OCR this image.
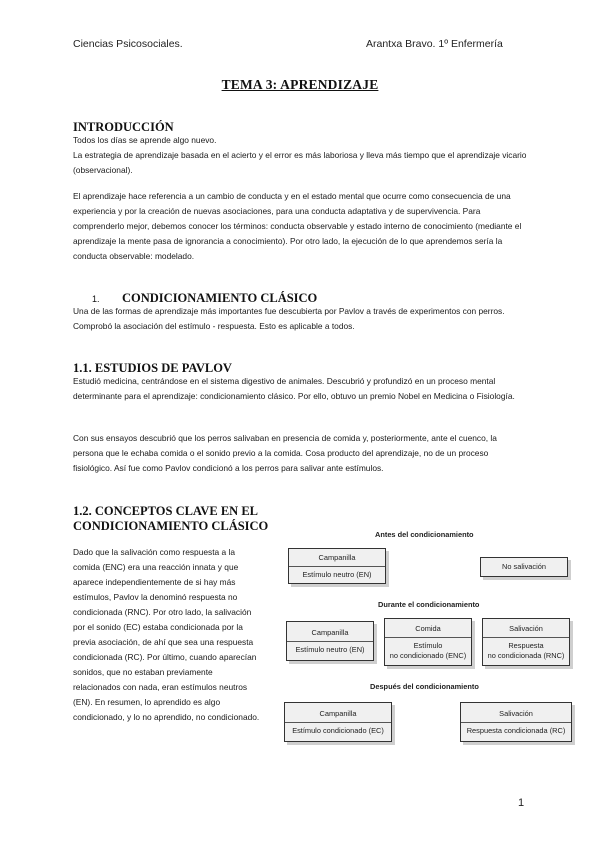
Ciencias Psicosociales.	Arantxa Bravo. 1º Enfermería
TEMA 3: APRENDIZAJE
INTRODUCCIÓN
Todos los días se aprende algo nuevo.
La estrategia de aprendizaje basada en el acierto y el error es más laboriosa y lleva más tiempo que el aprendizaje vicario (observacional).
El aprendizaje hace referencia a un cambio de conducta y en el estado mental que ocurre como consecuencia de una experiencia y por la creación de nuevas asociaciones, para una conducta adaptativa y de supervivencia. Para comprenderlo mejor, debemos conocer los términos: conducta observable y estado interno de conocimiento (mediante el aprendizaje la mente pasa de ignorancia a conocimiento). Por otro lado, la ejecución de lo que aprendemos sería la conducta observable: modelado.
1. CONDICIONAMIENTO CLÁSICO
Una de las formas de aprendizaje más importantes fue descubierta por Pavlov a través de experimentos con perros. Comprobó la asociación del estímulo - respuesta. Esto es aplicable a todos.
1.1. ESTUDIOS DE PAVLOV
Estudió medicina, centrándose en el sistema digestivo de animales. Descubrió y profundizó en un proceso mental determinante para el aprendizaje: condicionamiento clásico. Por ello, obtuvo un premio Nobel en Medicina o Fisiología.
Con sus ensayos descubrió que los perros salivaban en presencia de comida y, posteriormente, ante el cuenco, la persona que le echaba comida o el sonido previo a la comida. Cosa producto del aprendizaje, no de un proceso fisiológico. Así fue como Pavlov condicionó a los perros para salivar ante estímulos.
1.2. CONCEPTOS CLAVE EN EL
CONDICIONAMIENTO CLÁSICO
Dado que la salivación como respuesta a la comida (ENC) era una reacción innata y que aparece independientemente de si hay más estímulos, Pavlov la denominó respuesta no condicionada (RNC). Por otro lado, la salivación por el sonido (EC) estaba condicionada por la previa asociación, de ahí que sea una respuesta condicionada (RC). Por último, cuando aparecían sonidos, que no estaban previamente relacionados con nada, eran estímulos neutros (EN). En resumen, lo aprendido es algo condicionado, y lo no aprendido, no condicionado.
Antes del condicionamiento
Campanilla
Estímulo neutro (EN)
No salivación
Durante el condicionamiento
Campanilla
Estímulo neutro (EN)
Comida
Estímulo
no condicionado (ENC)
Salivación
Respuesta
no condicionada (RNC)
Después del condicionamiento
Campanilla
Estímulo condicionado (EC)
Salivación
Respuesta condicionada (RC)
1
